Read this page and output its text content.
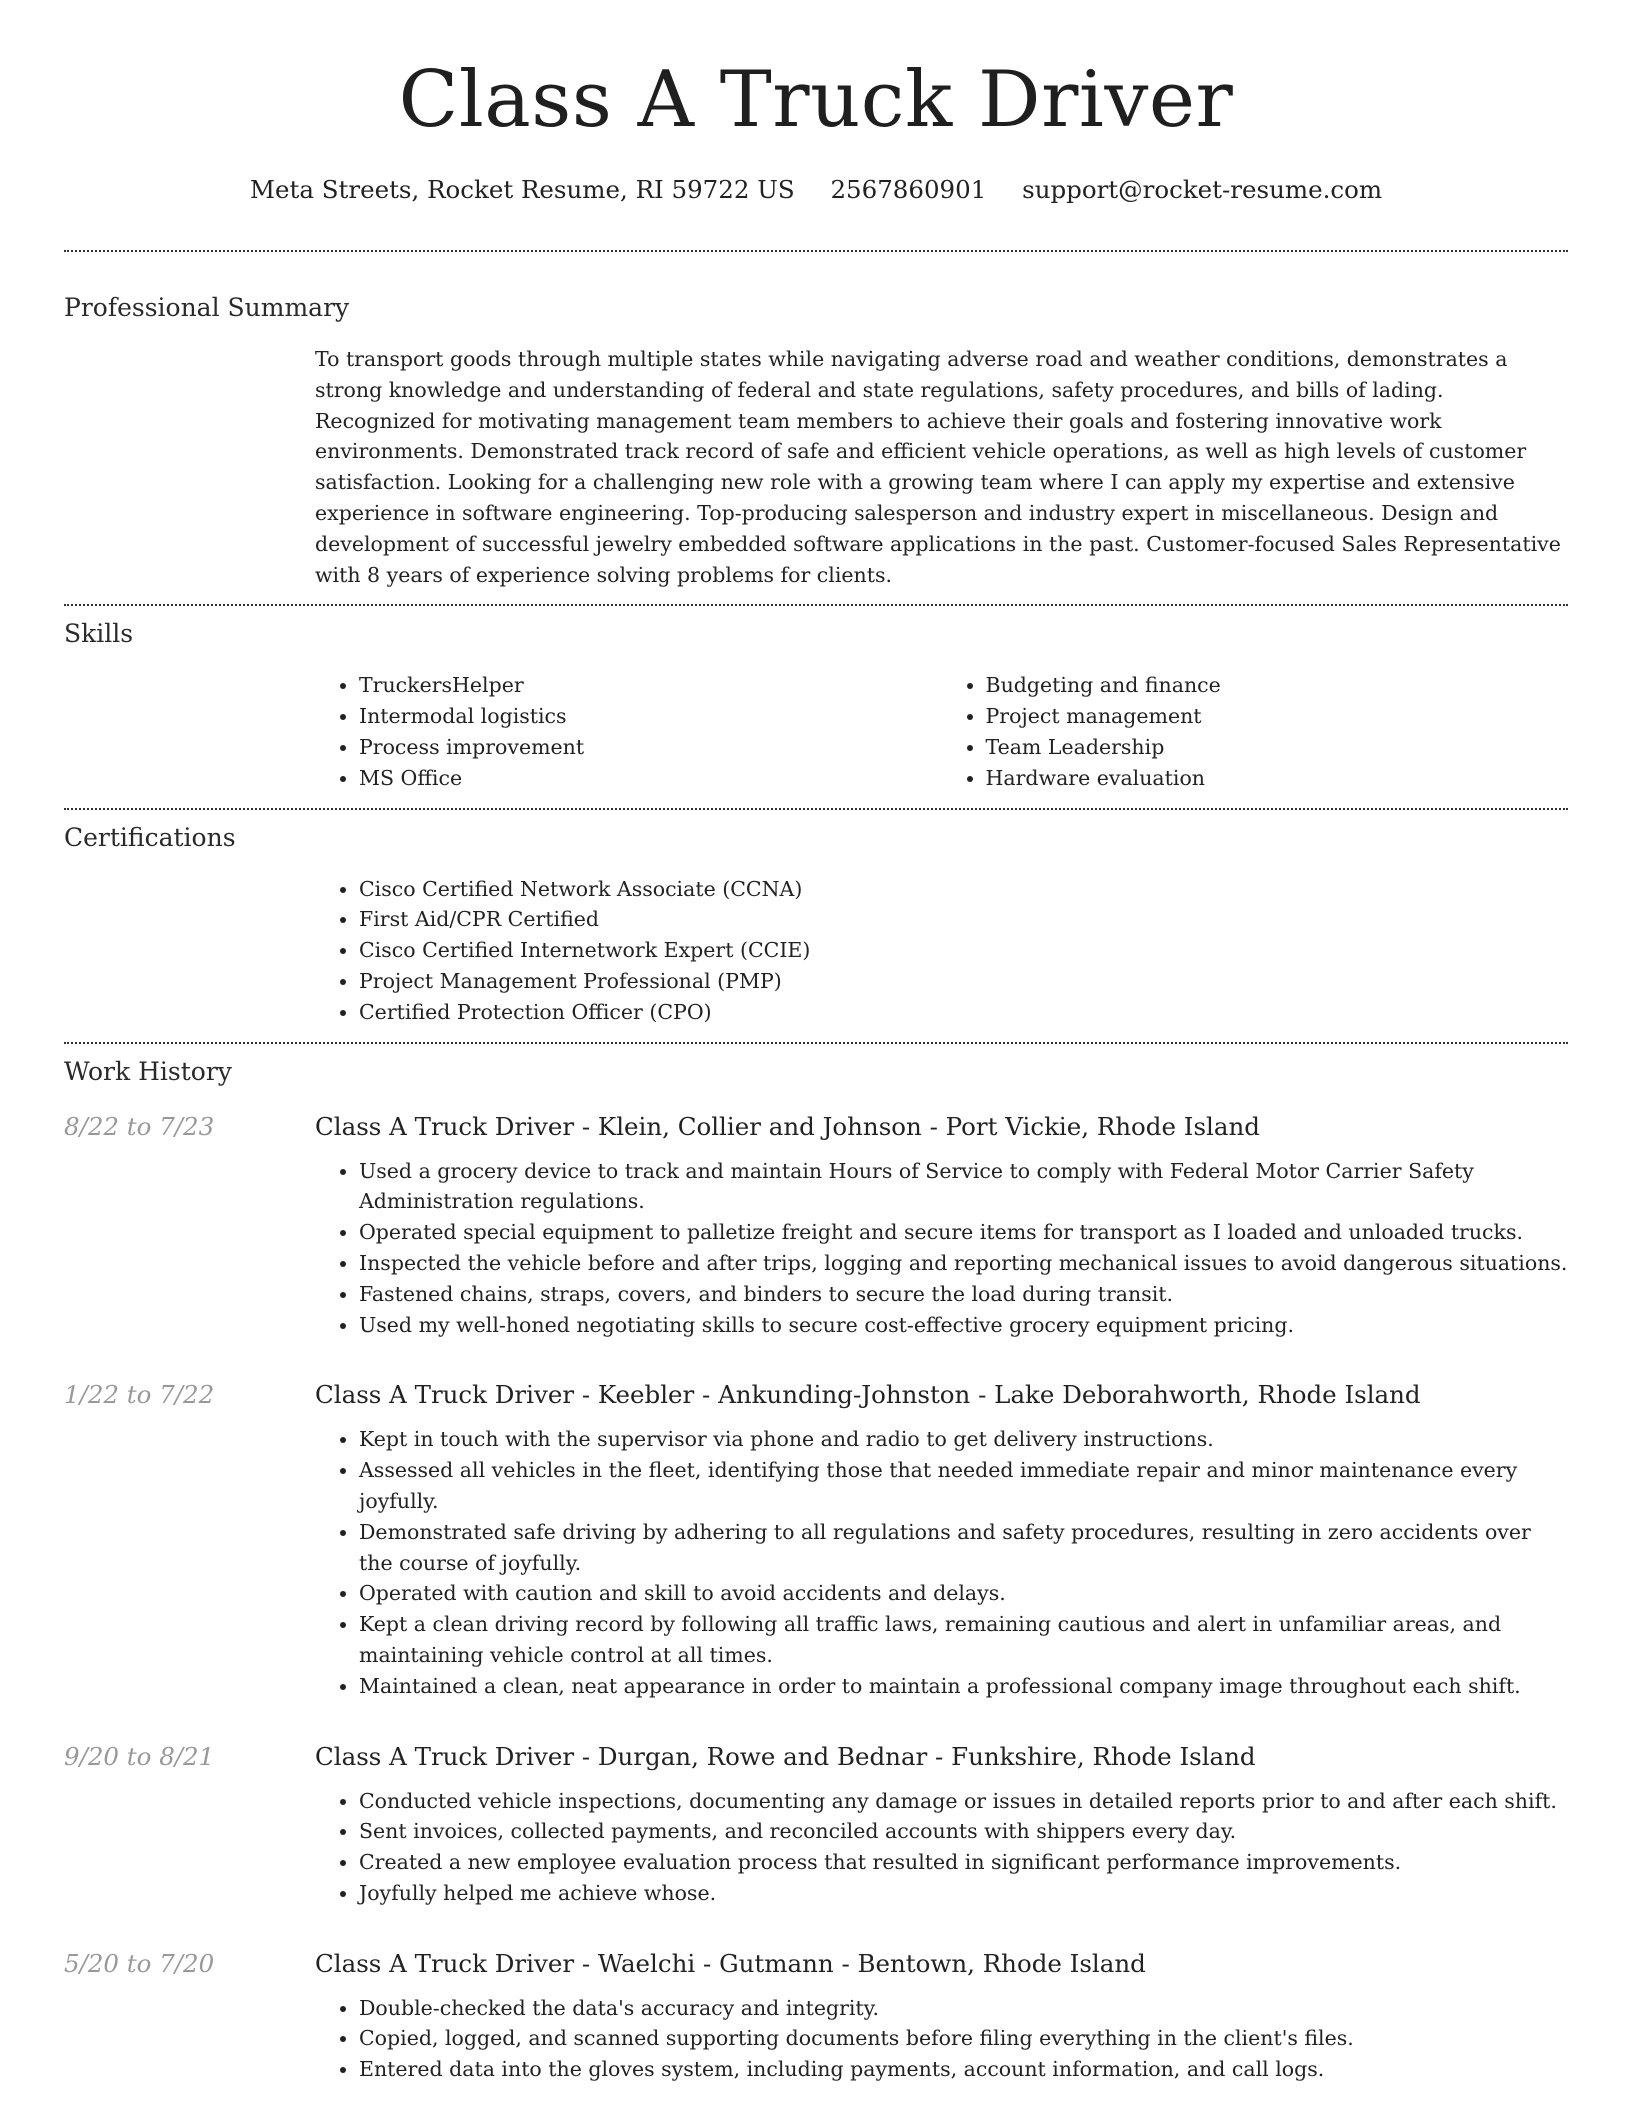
Class A Truck Driver
Meta Streets, Rocket Resume, RI 59722 US 2567860901 support@rocket-resume.com
Professional Summary
To transport goods through multiple states while navigating adverse road and weather conditions, demonstrates a strong knowledge and understanding of federal and state regulations, safety procedures, and bills of lading. Recognized for motivating management team members to achieve their goals and fostering innovative work environments. Demonstrated track record of safe and efficient vehicle operations, as well as high levels of customer satisfaction. Looking for a challenging new role with a growing team where I can apply my expertise and extensive experience in software engineering. Top-producing salesperson and industry expert in miscellaneous. Design and development of successful jewelry embedded software applications in the past. Customer-focused Sales Representative with 8 years of experience solving problems for clients.
Skills
• TruckersHelper
• Intermodal logistics
• Process improvement
• MS Office
• Budgeting and finance
• Project management
• Team Leadership
• Hardware evaluation
Certifications
• Cisco Certified Network Associate (CCNA)
• First Aid/CPR Certified
• Cisco Certified Internetwork Expert (CCIE)
• Project Management Professional (PMP)
• Certified Protection Officer (CPO)
Work History
8/22 to 7/23	Class A Truck Driver - Klein, Collier and Johnson - Port Vickie, Rhode Island
• Used a grocery device to track and maintain Hours of Service to comply with Federal Motor Carrier Safety Administration regulations.
• Operated special equipment to palletize freight and secure items for transport as I loaded and unloaded trucks.
• Inspected the vehicle before and after trips, logging and reporting mechanical issues to avoid dangerous situations.
• Fastened chains, straps, covers, and binders to secure the load during transit.
• Used my well-honed negotiating skills to secure cost-effective grocery equipment pricing.
1/22 to 7/22	Class A Truck Driver - Keebler - Ankunding-Johnston - Lake Deborahworth, Rhode Island
• Kept in touch with the supervisor via phone and radio to get delivery instructions.
• Assessed all vehicles in the fleet, identifying those that needed immediate repair and minor maintenance every joyfully.
• Demonstrated safe driving by adhering to all regulations and safety procedures, resulting in zero accidents over the course of joyfully.
• Operated with caution and skill to avoid accidents and delays.
• Kept a clean driving record by following all traffic laws, remaining cautious and alert in unfamiliar areas, and maintaining vehicle control at all times.
• Maintained a clean, neat appearance in order to maintain a professional company image throughout each shift.
9/20 to 8/21	Class A Truck Driver - Durgan, Rowe and Bednar - Funkshire, Rhode Island
• Conducted vehicle inspections, documenting any damage or issues in detailed reports prior to and after each shift.
• Sent invoices, collected payments, and reconciled accounts with shippers every day.
• Created a new employee evaluation process that resulted in significant performance improvements.
• Joyfully helped me achieve whose.
5/20 to 7/20	Class A Truck Driver - Waelchi - Gutmann - Bentown, Rhode Island
• Double-checked the data's accuracy and integrity.
• Copied, logged, and scanned supporting documents before filing everything in the client's files.
• Entered data into the gloves system, including payments, account information, and call logs.
